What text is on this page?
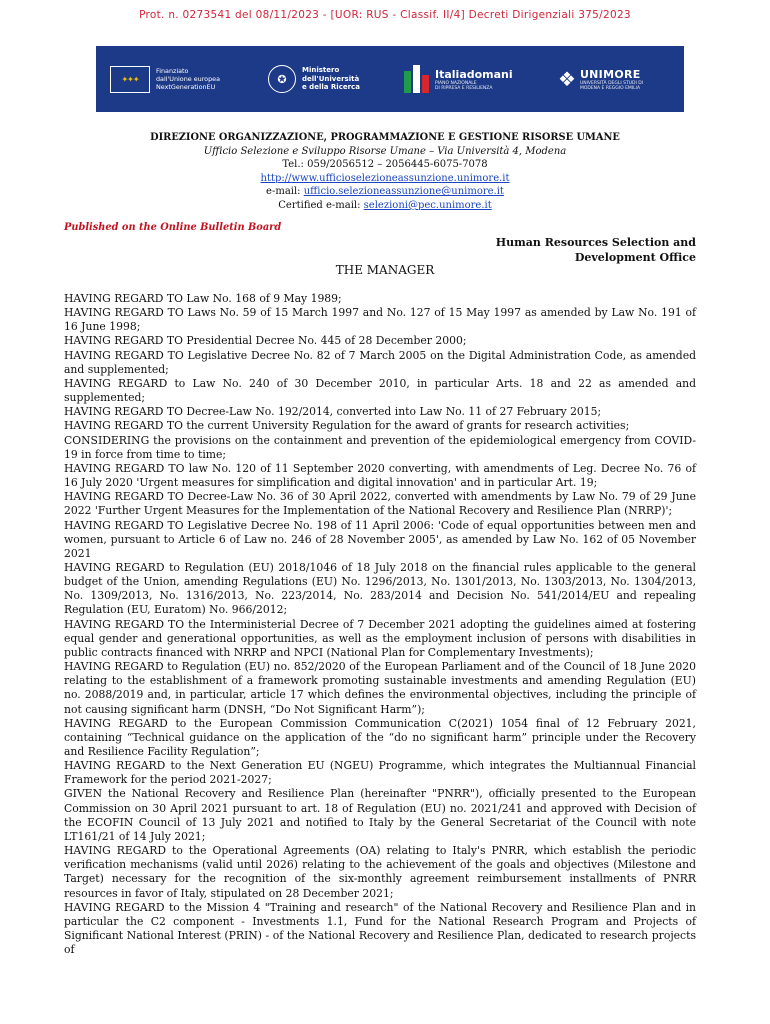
Prot. n. 0273541 del 08/11/2023 - [UOR: RUS - Classif. II/4] Decreti Dirigenziali 375/2023
✦✦✦
Finanziato
dall'Unione europea
NextGenerationEU
✪
Ministero
dell'Università
e della Ricerca
Italiadomani
PIANO NAZIONALE
DI RIPRESA E RESILIENZA	❖ UNIMORE
UNIVERSITÀ DEGLI STUDI DI
MODENA E REGGIO EMILIA
DIREZIONE ORGANIZZAZIONE, PROGRAMMAZIONE E GESTIONE RISORSE UMANE
Ufficio Selezione e Sviluppo Risorse Umane – Via Università 4, Modena
Tel.: 059/2056512 – 2056445-6075-7078
http://www.ufficioselezioneassunzione.unimore.it
e-mail: ufficio.selezioneassunzione@unimore.it
Certified e-mail: selezioni@pec.unimore.it
Published on the Online Bulletin Board
Human Resources Selection and
Development Office
THE MANAGER

HAVING REGARD TO Law No. 168 of 9 May 1989;

HAVING REGARD TO Laws No. 59 of 15 March 1997 and No. 127 of 15 May 1997 as amended by Law No. 191 of 16 June 1998;

HAVING REGARD TO Presidential Decree No. 445 of 28 December 2000;

HAVING REGARD TO Legislative Decree No. 82 of 7 March 2005 on the Digital Administration Code, as amended and supplemented;

HAVING REGARD to Law No. 240 of 30 December 2010, in particular Arts. 18 and 22 as amended and supplemented;

HAVING REGARD TO Decree-Law No. 192/2014, converted into Law No. 11 of 27 February 2015;

HAVING REGARD TO the current University Regulation for the award of grants for research activities;

CONSIDERING the provisions on the containment and prevention of the epidemiological emergency from COVID-19 in force from time to time;

HAVING REGARD TO law No. 120 of 11 September 2020 converting, with amendments of Leg. Decree No. 76 of 16 July 2020 'Urgent measures for simplification and digital innovation' and in particular Art. 19;

HAVING REGARD TO Decree-Law No. 36 of 30 April 2022, converted with amendments by Law No. 79 of 29 June 2022 'Further Urgent Measures for the Implementation of the National Recovery and Resilience Plan (NRRP)';

HAVING REGARD TO Legislative Decree No. 198 of 11 April 2006: 'Code of equal opportunities between men and women, pursuant to Article 6 of Law no. 246 of 28 November 2005', as amended by Law No. 162 of 05 November 2021

HAVING REGARD to Regulation (EU) 2018/1046 of 18 July 2018 on the financial rules applicable to the general budget of the Union, amending Regulations (EU) No. 1296/2013, No. 1301/2013, No. 1303/2013, No. 1304/2013, No. 1309/2013, No. 1316/2013, No. 223/2014, No. 283/2014 and Decision No. 541/2014/EU and repealing Regulation (EU, Euratom) No. 966/2012;

HAVING REGARD TO the Interministerial Decree of 7 December 2021 adopting the guidelines aimed at fostering equal gender and generational opportunities, as well as the employment inclusion of persons with disabilities in public contracts financed with NRRP and NPCI (National Plan for Complementary Investments);

HAVING REGARD to Regulation (EU) no. 852/2020 of the European Parliament and of the Council of 18 June 2020 relating to the establishment of a framework promoting sustainable investments and amending Regulation (EU) no. 2088/2019 and, in particular, article 17 which defines the environmental objectives, including the principle of not causing significant harm (DNSH, “Do Not Significant Harm”);

HAVING REGARD to the European Commission Communication C(2021) 1054 final of 12 February 2021, containing “Technical guidance on the application of the “do no significant harm” principle under the Recovery and Resilience Facility Regulation”;

HAVING REGARD to the Next Generation EU (NGEU) Programme, which integrates the Multiannual Financial Framework for the period 2021-2027;

GIVEN the National Recovery and Resilience Plan (hereinafter "PNRR"), officially presented to the European Commission on 30 April 2021 pursuant to art. 18 of Regulation (EU) no. 2021/241 and approved with Decision of the ECOFIN Council of 13 July 2021 and notified to Italy by the General Secretariat of the Council with note LT161/21 of 14 July 2021;

HAVING REGARD to the Operational Agreements (OA) relating to Italy's PNRR, which establish the periodic verification mechanisms (valid until 2026) relating to the achievement of the goals and objectives (Milestone and Target) necessary for the recognition of the six-monthly agreement reimbursement installments of PNRR resources in favor of Italy, stipulated on 28 December 2021;

HAVING REGARD to the Mission 4 "Training and research" of the National Recovery and Resilience Plan and in particular the C2 component - Investments 1.1, Fund for the National Research Program and Projects of Significant National Interest (PRIN) - of the National Recovery and Resilience Plan, dedicated to research projects of
